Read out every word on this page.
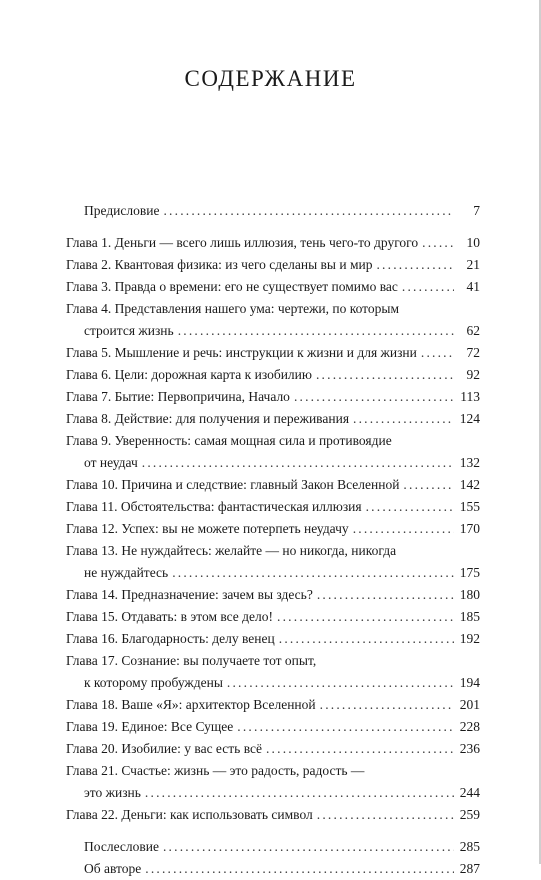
СОДЕРЖАНИЕ
Предисловие .....	7
Глава 1. Деньги — всего лишь иллюзия, тень чего-то другого .....	10
Глава 2. Квантовая физика: из чего сделаны вы и мир .....	21
Глава 3. Правда о времени: его не существует помимо вас .....	41
Глава 4. Представления нашего ума: чертежи, по которым
строится жизнь .....	62
Глава 5. Мышление и речь: инструкции к жизни и для жизни .....	72
Глава 6. Цели: дорожная карта к изобилию .....	92
Глава 7. Бытие: Первопричина, Начало .....	113
Глава 8. Действие: для получения и переживания .....	124
Глава 9. Уверенность: самая мощная сила и противоядие
от неудач .....	132
Глава 10. Причина и следствие: главный Закон Вселенной .....	142
Глава 11. Обстоятельства: фантастическая иллюзия .....	155
Глава 12. Успех: вы не можете потерпеть неудачу .....	170
Глава 13. Не нуждайтесь: желайте — но никогда, никогда
не нуждайтесь .....	175
Глава 14. Предназначение: зачем вы здесь? .....	180
Глава 15. Отдавать: в этом все дело! .....	185
Глава 16. Благодарность: делу венец .....	192
Глава 17. Сознание: вы получаете тот опыт,
к которому пробуждены .....	194
Глава 18. Ваше «Я»: архитектор Вселенной .....	201
Глава 19. Единое: Все Сущее .....	228
Глава 20. Изобилие: у вас есть всё .....	236
Глава 21. Счастье: жизнь — это радость, радость —
это жизнь .....	244
Глава 22. Деньги: как использовать символ .....	259
Послесловие .....	285
Об авторе .....	287
